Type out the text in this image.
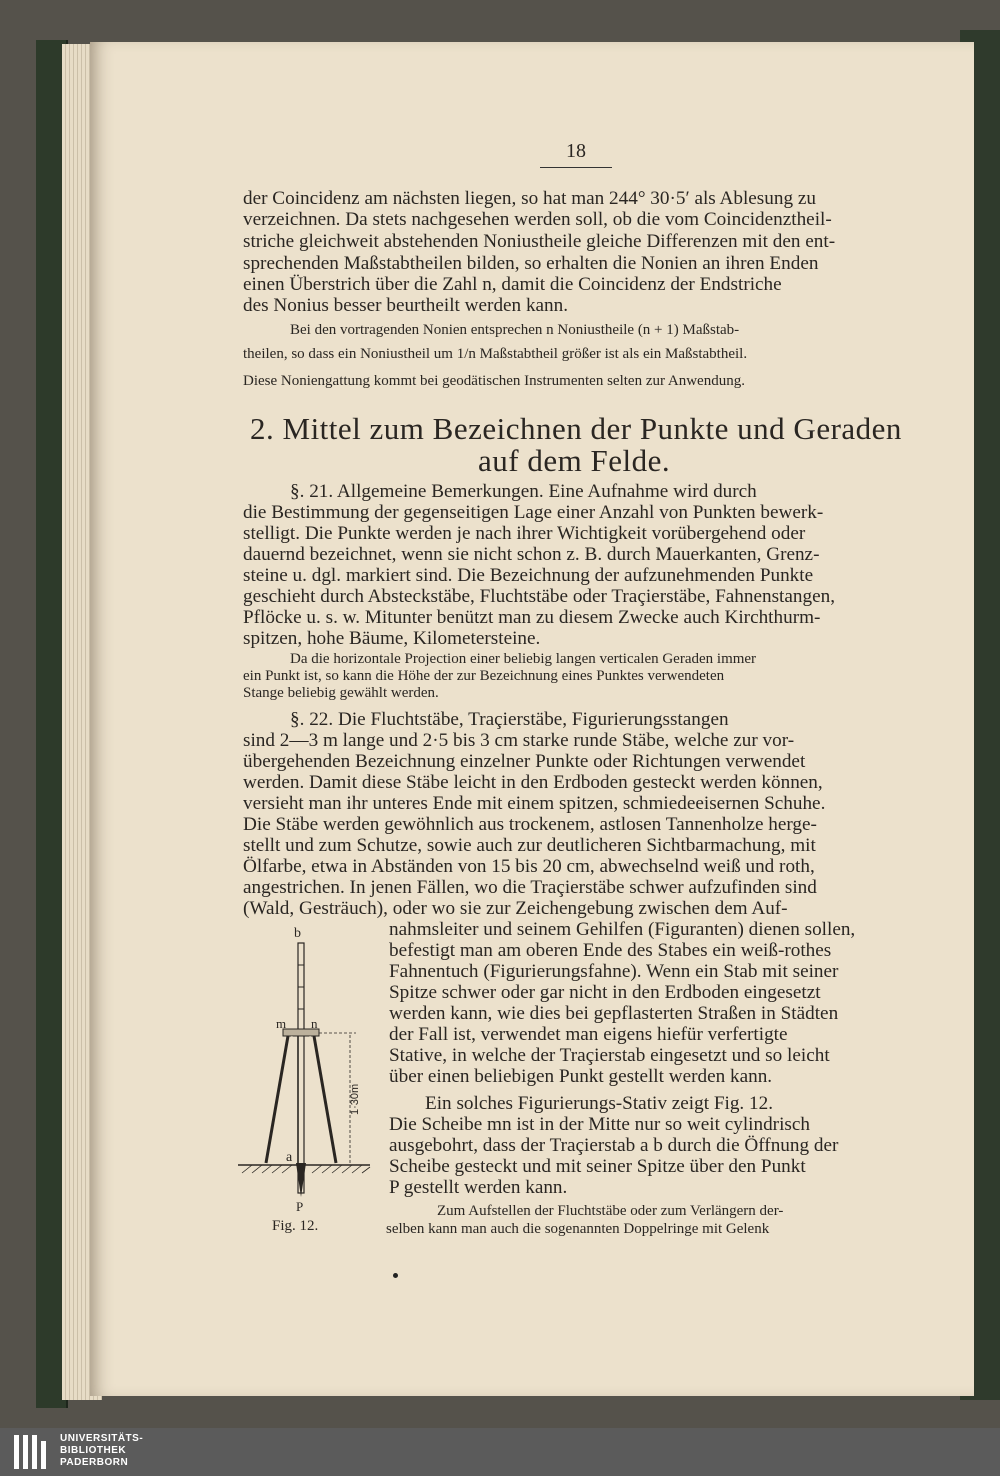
18
der Coincidenz am nächsten liegen, so hat man 244° 30·5′ als Ablesung zu
verzeichnen. Da stets nachgesehen werden soll, ob die vom Coincidenztheil-
striche gleichweit abstehenden Noniustheile gleiche Differenzen mit den ent-
sprechenden Maßstabtheilen bilden, so erhalten die Nonien an ihren Enden
einen Überstrich über die Zahl n, damit die Coincidenz der Endstriche
des Nonius besser beurtheilt werden kann.
Bei den vortragenden Nonien entsprechen n Noniustheile (n + 1) Maßstab-
theilen, so dass ein Noniustheil um 1/n Maßstabtheil größer ist als ein Maßstabtheil.
Diese Noniengattung kommt bei geodätischen Instrumenten selten zur Anwendung.
2. Mittel zum Bezeichnen der Punkte und Geraden
auf dem Felde.
§. 21. Allgemeine Bemerkungen. Eine Aufnahme wird durch
die Bestimmung der gegenseitigen Lage einer Anzahl von Punkten bewerk-
stelligt. Die Punkte werden je nach ihrer Wichtigkeit vorübergehend oder
dauernd bezeichnet, wenn sie nicht schon z. B. durch Mauerkanten, Grenz-
steine u. dgl. markiert sind. Die Bezeichnung der aufzunehmenden Punkte
geschieht durch Absteckstäbe, Fluchtstäbe oder Traçierstäbe, Fahnenstangen,
Pflöcke u. s. w. Mitunter benützt man zu diesem Zwecke auch Kirchthurm-
spitzen, hohe Bäume, Kilometersteine.
Da die horizontale Projection einer beliebig langen verticalen Geraden immer
ein Punkt ist, so kann die Höhe der zur Bezeichnung eines Punktes verwendeten
Stange beliebig gewählt werden.
§. 22. Die Fluchtstäbe, Traçierstäbe, Figurierungsstangen
sind 2—3 m lange und 2·5 bis 3 cm starke runde Stäbe, welche zur vor-
übergehenden Bezeichnung einzelner Punkte oder Richtungen verwendet
werden. Damit diese Stäbe leicht in den Erdboden gesteckt werden können,
versieht man ihr unteres Ende mit einem spitzen, schmiedeeisernen Schuhe.
Die Stäbe werden gewöhnlich aus trockenem, astlosen Tannenholze herge-
stellt und zum Schutze, sowie auch zur deutlicheren Sichtbarmachung, mit
Ölfarbe, etwa in Abständen von 15 bis 20 cm, abwechselnd weiß und roth,
angestrichen. In jenen Fällen, wo die Traçierstäbe schwer aufzufinden sind
(Wald, Gesträuch), oder wo sie zur Zeichengebung zwischen dem Auf-
nahmsleiter und seinem Gehilfen (Figuranten) dienen sollen,
befestigt man am oberen Ende des Stabes ein weiß-rothes
Fahnentuch (Figurierungsfahne). Wenn ein Stab mit seiner
Spitze schwer oder gar nicht in den Erdboden eingesetzt
werden kann, wie dies bei gepflasterten Straßen in Städten
der Fall ist, verwendet man eigens hiefür verfertigte
Stative, in welche der Traçierstab eingesetzt und so leicht
über einen beliebigen Punkt gestellt werden kann.
Ein solches Figurierungs-Stativ zeigt Fig. 12.
Die Scheibe mn ist in der Mitte nur so weit cylindrisch
ausgebohrt, dass der Traçierstab a b durch die Öffnung der
Scheibe gesteckt und mit seiner Spitze über den Punkt
P gestellt werden kann.
Zum Aufstellen der Fluchtstäbe oder zum Verlängern der-
selben kann man auch die sogenannten Doppelringe mit Gelenk
b
m n
a
P
1·30m
Fig. 12.
UNIVERSITÄTS-
BIBLIOTHEK
PADERBORN
